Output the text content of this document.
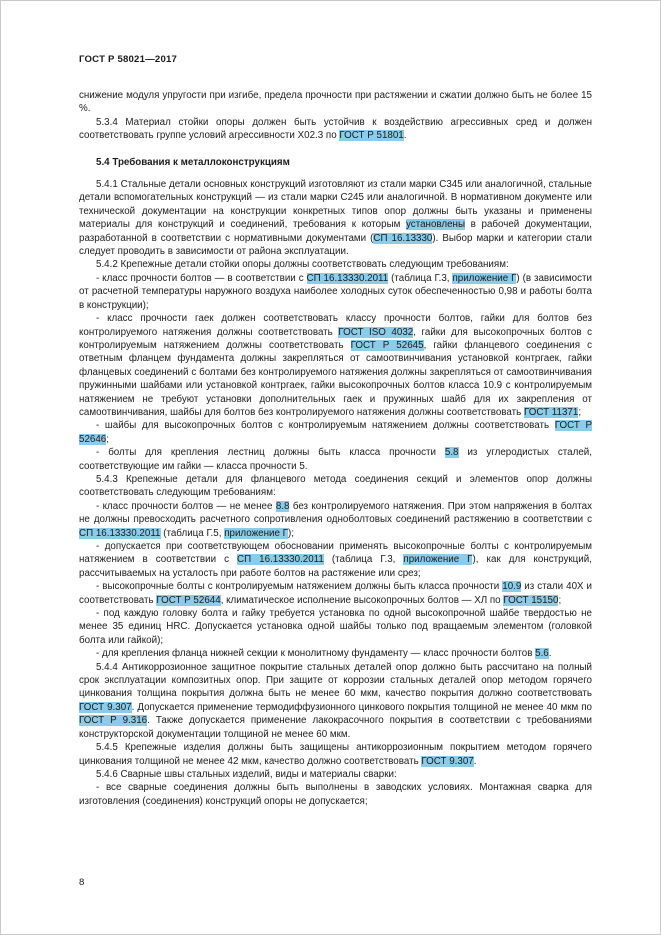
ГОСТ Р 58021—2017

снижение модуля упругости при изгибе, предела прочности при растяжении и сжатии должно быть не более 15 %.

5.3.4 Материал стойки опоры должен быть устойчив к воздействию агрессивных сред и должен соответствовать группе условий агрессивности Х02.3 по ГОСТ Р 51801.

5.4 Требования к металлоконструкциям

5.4.1 Стальные детали основных конструкций изготовляют из стали марки С345 или аналогичной, стальные детали вспомогательных конструкций — из стали марки С245 или аналогичной. В нормативном документе или технической документации на конструкции конкретных типов опор должны быть указаны и применены материалы для конструкций и соединений, требования к которым установлены в рабочей документации, разработанной в соответствии с нормативными документами (СП 16.13330). Выбор марки и категории стали следует проводить в зависимости от района эксплуатации.

5.4.2 Крепежные детали стойки опоры должны соответствовать следующим требованиям:

- класс прочности болтов — в соответствии с СП 16.13330.2011 (таблица Г.3, приложение Г) (в зависимости от расчетной температуры наружного воздуха наиболее холодных суток обеспеченностью 0,98 и работы болта в конструкции);

- класс прочности гаек должен соответствовать классу прочности болтов, гайки для болтов без контролируемого натяжения должны соответствовать ГОСТ ISO 4032, гайки для высокопрочных болтов с контролируемым натяжением должны соответствовать ГОСТ Р 52645, гайки фланцевого соединения с ответным фланцем фундамента должны закрепляться от самоотвинчивания установкой контргаек, гайки фланцевых соединений с болтами без контролируемого натяжения должны закрепляться от самоотвинчивания пружинными шайбами или установкой контргаек, гайки высокопрочных болтов класса 10.9 с контролируемым натяжением не требуют установки дополнительных гаек и пружинных шайб для их закрепления от самоотвинчивания, шайбы для болтов без контролируемого натяжения должны соответствовать ГОСТ 11371;

- шайбы для высокопрочных болтов с контролируемым натяжением должны соответствовать ГОСТ Р 52646;

- болты для крепления лестниц должны быть класса прочности 5.8 из углеродистых сталей, соответствующие им гайки — класса прочности 5.

5.4.3 Крепежные детали для фланцевого метода соединения секций и элементов опор должны соответствовать следующим требованиям:

- класс прочности болтов — не менее 8.8 без контролируемого натяжения. При этом напряжения в болтах не должны превосходить расчетного сопротивления одноболтовых соединений растяжению в соответствии с СП 16.13330.2011 (таблица Г.5, приложение Г);

- допускается при соответствующем обосновании применять высокопрочные болты с контролируемым натяжением в соответствии с СП 16.13330.2011 (таблица Г.3, приложение Г), как для конструкций, рассчитываемых на усталость при работе болтов на растяжение или срез;

- высокопрочные болты с контролируемым натяжением должны быть класса прочности 10.9 из стали 40Х и соответствовать ГОСТ Р 52644, климатическое исполнение высокопрочных болтов — ХЛ по ГОСТ 15150;

- под каждую головку болта и гайку требуется установка по одной высокопрочной шайбе твердостью не менее 35 единиц HRC. Допускается установка одной шайбы только под вращаемым элементом (головкой болта или гайкой);

- для крепления фланца нижней секции к монолитному фундаменту — класс прочности болтов 5.6.

5.4.4 Антикоррозионное защитное покрытие стальных деталей опор должно быть рассчитано на полный срок эксплуатации композитных опор. При защите от коррозии стальных деталей опор методом горячего цинкования толщина покрытия должна быть не менее 60 мкм, качество покрытия должно соответствовать ГОСТ 9.307. Допускается применение термодиффузионного цинкового покрытия толщиной не менее 40 мкм по ГОСТ Р 9.316. Также допускается применение лакокрасочного покрытия в соответствии с требованиями конструкторской документации толщиной не менее 60 мкм.

5.4.5 Крепежные изделия должны быть защищены антикоррозионным покрытием методом горячего цинкования толщиной не менее 42 мкм, качество должно соответствовать ГОСТ 9.307.

5.4.6 Сварные швы стальных изделий, виды и материалы сварки:

- все сварные соединения должны быть выполнены в заводских условиях. Монтажная сварка для изготовления (соединения) конструкций опоры не допускается;

8
